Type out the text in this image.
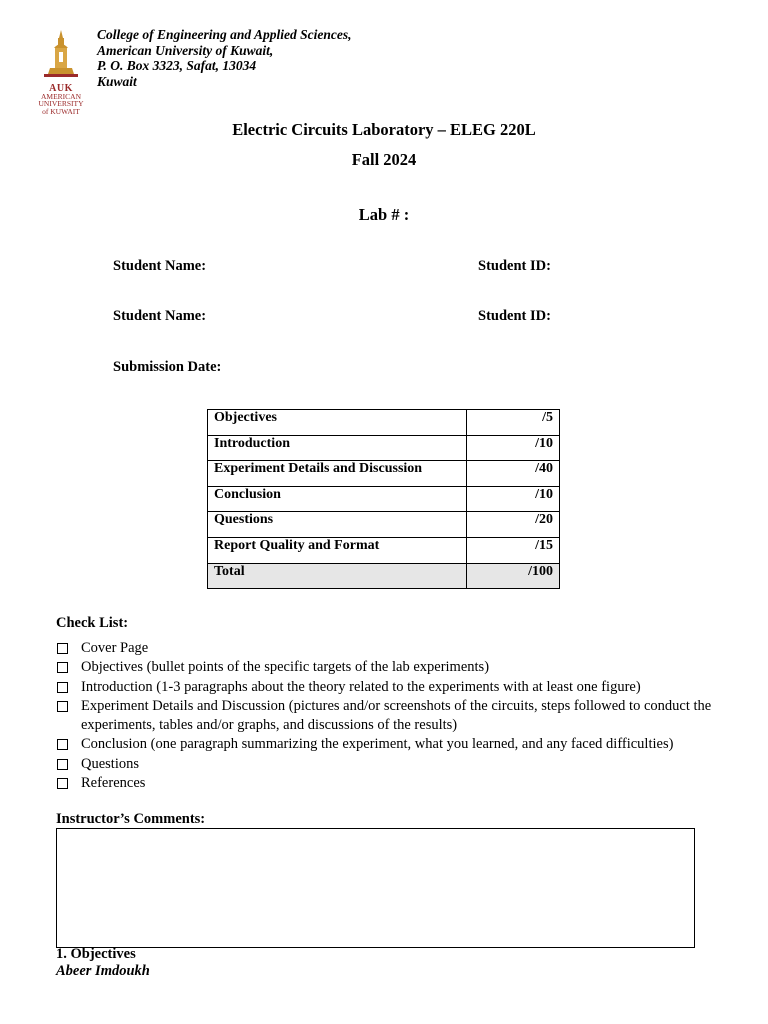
AUK
AMERICAN
UNIVERSITY
of KUWAIT
College of Engineering and Applied Sciences,
American University of Kuwait,
P. O. Box 3323, Safat, 13034
Kuwait
Electric Circuits Laboratory – ELEG 220L
Fall 2024
Lab # :
Student Name:	Student ID:
Student Name:	Student ID:
Submission Date:
Objectives	/5
Introduction	/10
Experiment Details and Discussion	/40
Conclusion	/10
Questions	/20
Report Quality and Format	/15
Total	/100
Check List:
Cover Page
Objectives (bullet points of the specific targets of the lab experiments)
Introduction (1-3 paragraphs about the theory related to the experiments with at least one figure)
Experiment Details and Discussion (pictures and/or screenshots of the circuits, steps followed to conduct the experiments, tables and/or graphs, and discussions of the results)
Conclusion (one paragraph summarizing the experiment, what you learned, and any faced difficulties)
Questions
References
Instructor’s Comments:
1. Objectives
Abeer Imdoukh
